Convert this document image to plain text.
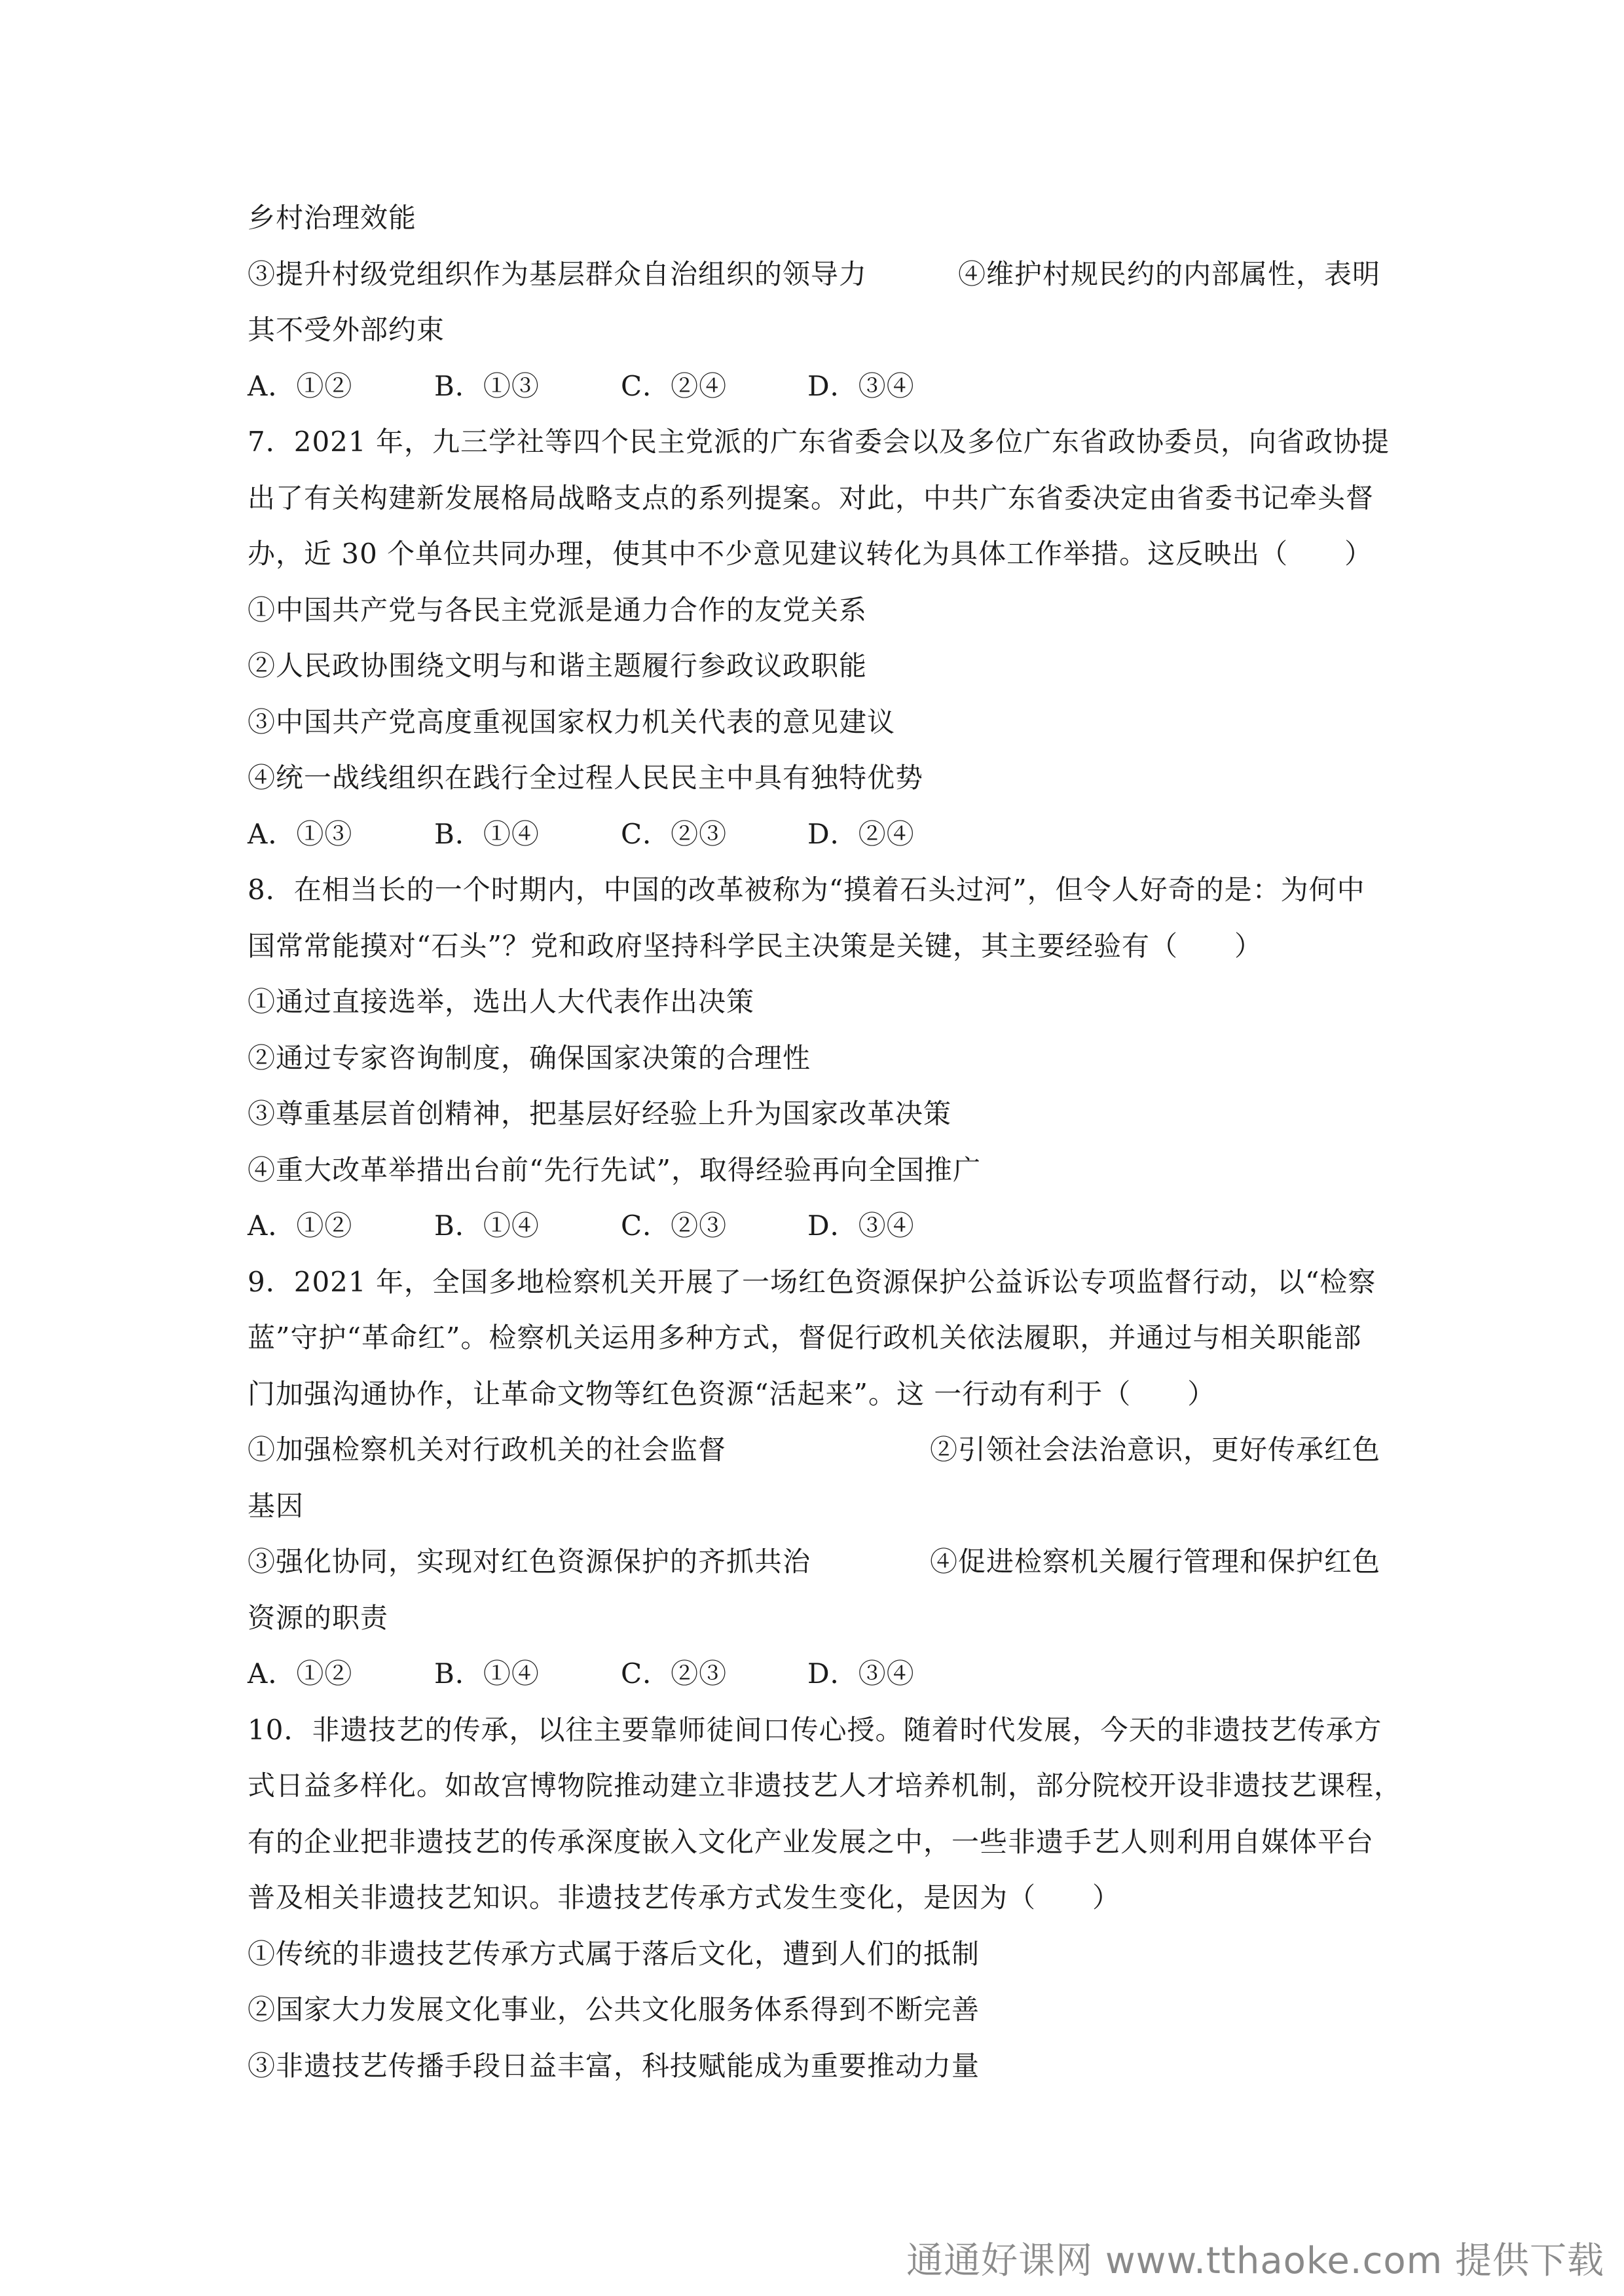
乡村治理效能
③提升村级党组织作为基层群众自治组织的领导力	④维护村规民约的内部属性，表明
其不受外部约束
A．①②	B．①③	C．②④	D．③④
7．2021 年，九三学社等四个民主党派的广东省委会以及多位广东省政协委员，向省政协提
出了有关构建新发展格局战略支点的系列提案。对此，中共广东省委决定由省委书记牵头督
办，近 30 个单位共同办理，使其中不少意见建议转化为具体工作举措。这反映出（　　）
①中国共产党与各民主党派是通力合作的友党关系
②人民政协围绕文明与和谐主题履行参政议政职能
③中国共产党高度重视国家权力机关代表的意见建议
④统一战线组织在践行全过程人民民主中具有独特优势
A．①③	B．①④	C．②③	D．②④
8．在相当长的一个时期内，中国的改革被称为“摸着石头过河”，但令人好奇的是：为何中
国常常能摸对“石头”？党和政府坚持科学民主决策是关键，其主要经验有（　　）
①通过直接选举，选出人大代表作出决策
②通过专家咨询制度，确保国家决策的合理性
③尊重基层首创精神，把基层好经验上升为国家改革决策
④重大改革举措出台前“先行先试”，取得经验再向全国推广
A．①②	B．①④	C．②③	D．③④
9．2021 年，全国多地检察机关开展了一场红色资源保护公益诉讼专项监督行动，以“检察
蓝”守护“革命红”。检察机关运用多种方式，督促行政机关依法履职，并通过与相关职能部
门加强沟通协作，让革命文物等红色资源“活起来”。这 一行动有利于（　　）
①加强检察机关对行政机关的社会监督	②引领社会法治意识，更好传承红色
基因
③强化协同，实现对红色资源保护的齐抓共治	④促进检察机关履行管理和保护红色
资源的职责
A．①②	B．①④	C．②③	D．③④
10．非遗技艺的传承，以往主要靠师徒间口传心授。随着时代发展，今天的非遗技艺传承方
式日益多样化。如故宫博物院推动建立非遗技艺人才培养机制，部分院校开设非遗技艺课程，
有的企业把非遗技艺的传承深度嵌入文化产业发展之中，一些非遗手艺人则利用自媒体平台
普及相关非遗技艺知识。非遗技艺传承方式发生变化，是因为（　　）
①传统的非遗技艺传承方式属于落后文化，遭到人们的抵制
②国家大力发展文化事业，公共文化服务体系得到不断完善
③非遗技艺传播手段日益丰富，科技赋能成为重要推动力量
通通好课网 www.tthaoke.com 提供下载
